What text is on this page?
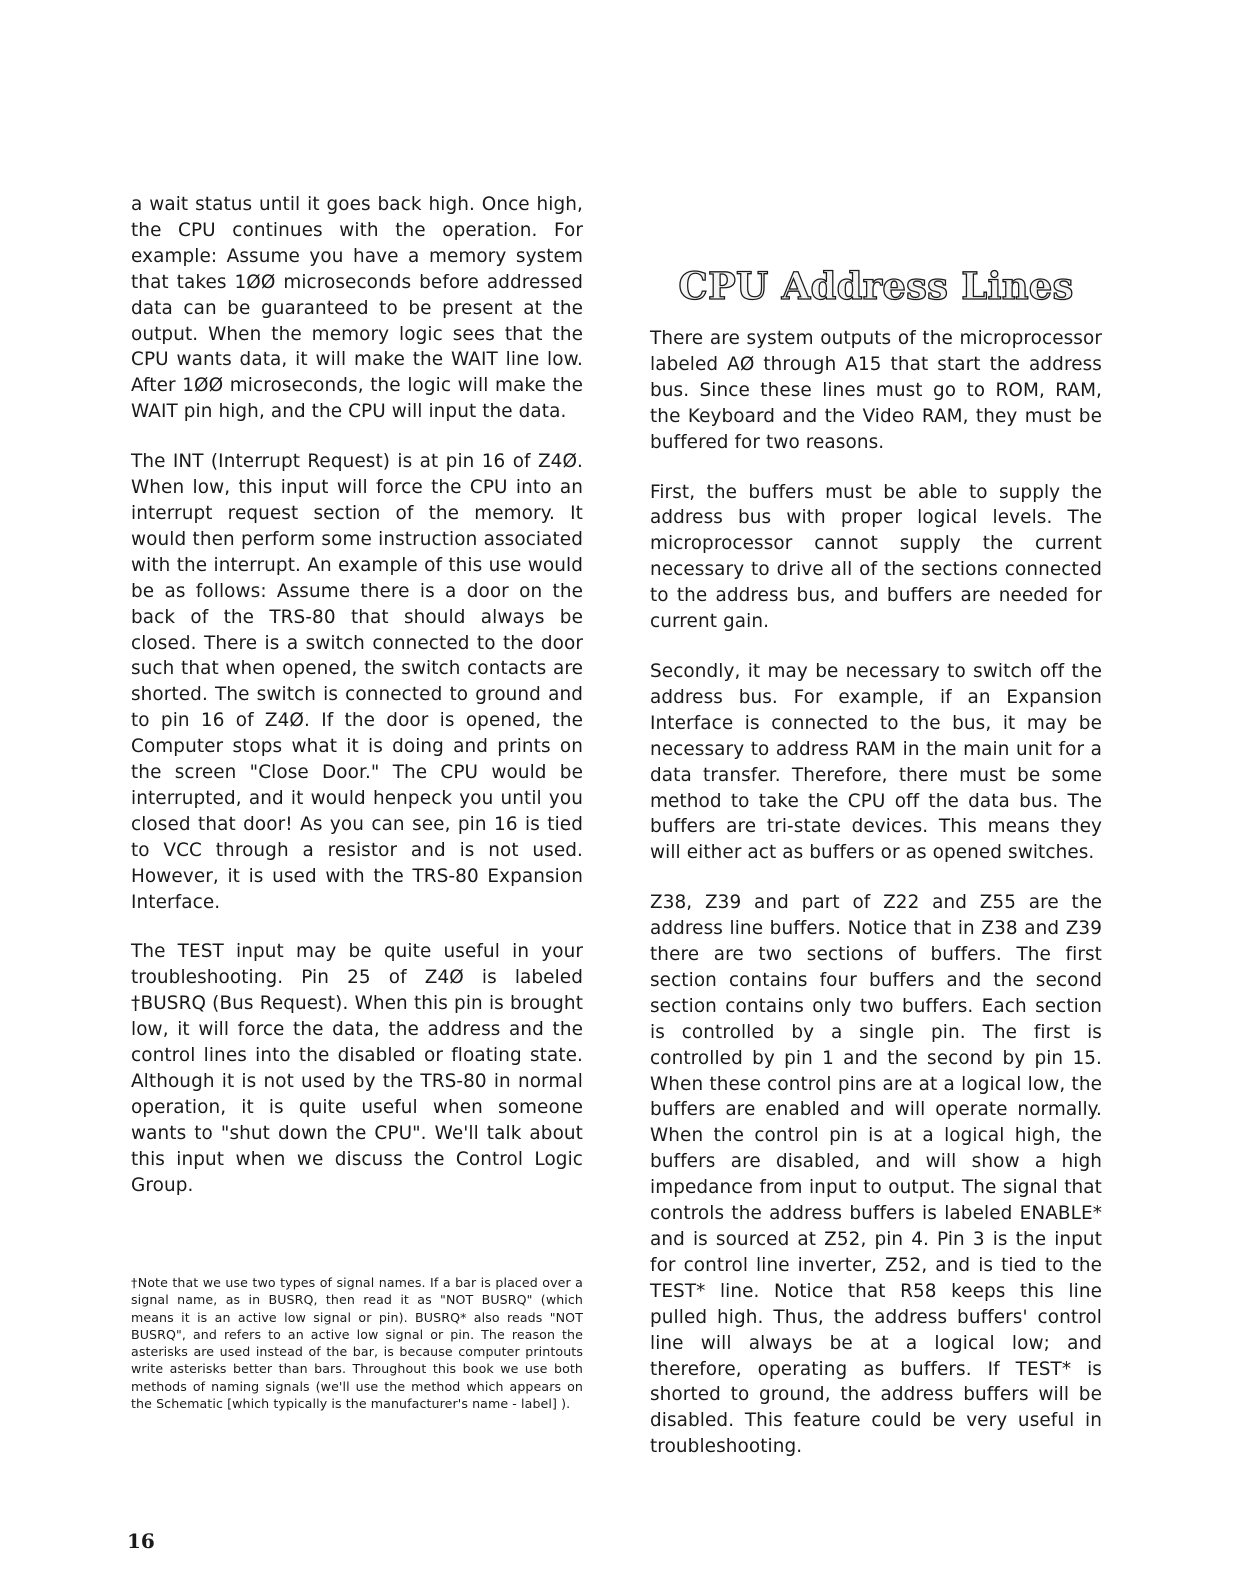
a wait status until it goes back high. Once high, the CPU continues with the operation. For example: Assume you have a memory system that takes 1ØØ microseconds before addressed data can be guaranteed to be present at the output. When the memory logic sees that the CPU wants data, it will make the WAIT line low. After 1ØØ microseconds, the logic will make the WAIT pin high, and the CPU will input the data.

The INT (Interrupt Request) is at pin 16 of Z4Ø. When low, this input will force the CPU into an interrupt request section of the memory. It would then perform some instruction associated with the interrupt. An example of this use would be as follows: Assume there is a door on the back of the TRS-80 that should always be closed. There is a switch connected to the door such that when opened, the switch contacts are shorted. The switch is connected to ground and to pin 16 of Z4Ø. If the door is opened, the Computer stops what it is doing and prints on the screen "Close Door." The CPU would be interrupted, and it would henpeck you until you closed that door! As you can see, pin 16 is tied to VCC through a resistor and is not used. However, it is used with the TRS-80 Expansion Interface.

The TEST input may be quite useful in your troubleshooting. Pin 25 of Z4Ø is labeled †BUSRQ (Bus Request). When this pin is brought low, it will force the data, the address and the control lines into the disabled or floating state. Although it is not used by the TRS-80 in normal operation, it is quite useful when someone wants to "shut down the CPU". We'll talk about this input when we discuss the Control Logic Group.

†Note that we use two types of signal names. If a bar is placed over a signal name, as in BUSRQ, then read it as "NOT BUSRQ" (which means it is an active low signal or pin). BUSRQ* also reads "NOT BUSRQ", and refers to an active low signal or pin. The reason the asterisks are used instead of the bar, is because computer printouts write asterisks better than bars. Throughout this book we use both methods of naming signals (we'll use the method which appears on the Schematic [which typically is the manufacturer's name - label] ).

CPU Address Lines

There are system outputs of the microprocessor labeled AØ through A15 that start the address bus. Since these lines must go to ROM, RAM, the Keyboard and the Video RAM, they must be buffered for two reasons.

First, the buffers must be able to supply the address bus with proper logical levels. The microprocessor cannot supply the current necessary to drive all of the sections connected to the address bus, and buffers are needed for current gain.

Secondly, it may be necessary to switch off the address bus. For example, if an Expansion Interface is connected to the bus, it may be necessary to address RAM in the main unit for a data transfer. Therefore, there must be some method to take the CPU off the data bus. The buffers are tri-state devices. This means they will either act as buffers or as opened switches.

Z38, Z39 and part of Z22 and Z55 are the address line buffers. Notice that in Z38 and Z39 there are two sections of buffers. The first section contains four buffers and the second section contains only two buffers. Each section is controlled by a single pin. The first is controlled by pin 1 and the second by pin 15. When these control pins are at a logical low, the buffers are enabled and will operate normally. When the control pin is at a logical high, the buffers are disabled, and will show a high impedance from input to output. The signal that controls the address buffers is labeled ENABLE* and is sourced at Z52, pin 4. Pin 3 is the input for control line inverter, Z52, and is tied to the TEST* line. Notice that R58 keeps this line pulled high. Thus, the address buffers' control line will always be at a logical low; and therefore, operating as buffers. If TEST* is shorted to ground, the address buffers will be disabled. This feature could be very useful in troubleshooting.

16
